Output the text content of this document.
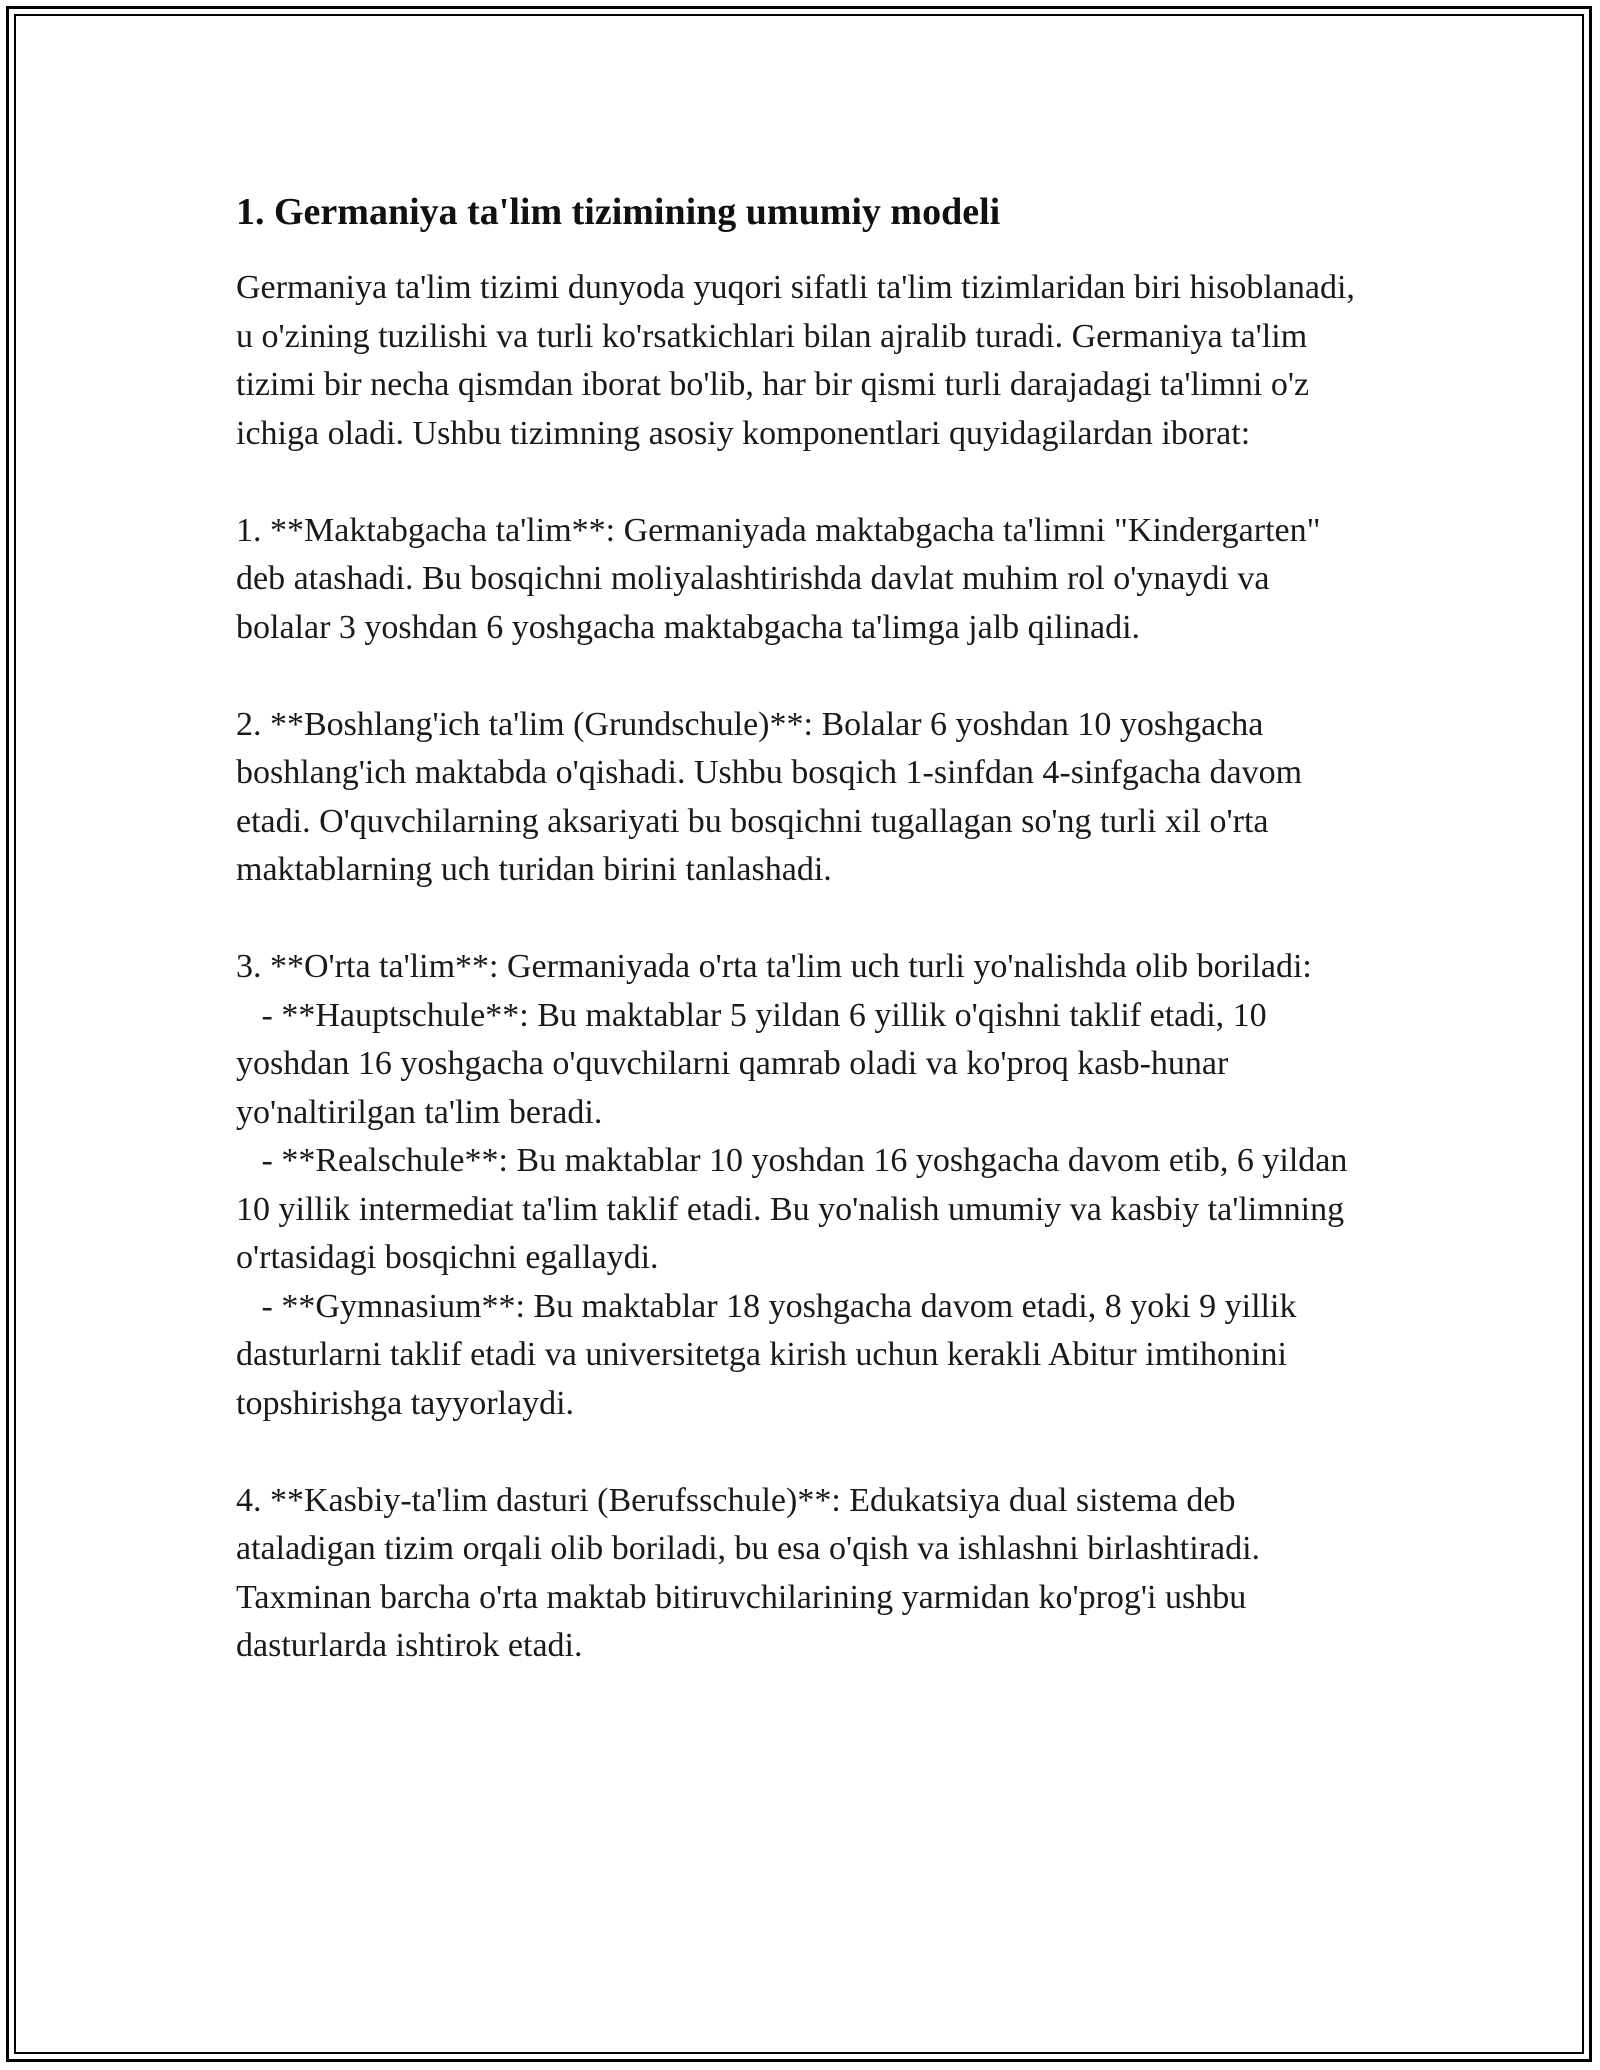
1. Germaniya ta'lim tizimining umumiy modeli

Germaniya ta'lim tizimi dunyoda yuqori sifatli ta'lim tizimlaridan biri hisoblanadi, u o'zining tuzilishi va turli ko'rsatkichlari bilan ajralib turadi. Germaniya ta'lim tizimi bir necha qismdan iborat bo'lib, har bir qismi turli darajadagi ta'limni o'z ichiga oladi. Ushbu tizimning asosiy komponentlari quyidagilardan iborat:

1. **Maktabgacha ta'lim**: Germaniyada maktabgacha ta'limni "Kindergarten" deb atashadi. Bu bosqichni moliyalashtirishda davlat muhim rol o'ynaydi va bolalar 3 yoshdan 6 yoshgacha maktabgacha ta'limga jalb qilinadi.

2. **Boshlang'ich ta'lim (Grundschule)**: Bolalar 6 yoshdan 10 yoshgacha boshlang'ich maktabda o'qishadi. Ushbu bosqich 1-sinfdan 4-sinfgacha davom etadi. O'quvchilarning aksariyati bu bosqichni tugallagan so'ng turli xil o'rta maktablarning uch turidan birini tanlashadi.

3. **O'rta ta'lim**: Germaniyada o'rta ta'lim uch turli yo'nalishda olib boriladi:
- **Hauptschule**: Bu maktablar 5 yildan 6 yillik o'qishni taklif etadi, 10 yoshdan 16 yoshgacha o'quvchilarni qamrab oladi va ko'proq kasb-hunar yo'naltirilgan ta'lim beradi.
- **Realschule**: Bu maktablar 10 yoshdan 16 yoshgacha davom etib, 6 yildan 10 yillik intermediat ta'lim taklif etadi. Bu yo'nalish umumiy va kasbiy ta'limning o'rtasidagi bosqichni egallaydi.
- **Gymnasium**: Bu maktablar 18 yoshgacha davom etadi, 8 yoki 9 yillik dasturlarni taklif etadi va universitetga kirish uchun kerakli Abitur imtihonini topshirishga tayyorlaydi.

4. **Kasbiy-ta'lim dasturi (Berufsschule)**: Edukatsiya dual sistema deb ataladigan tizim orqali olib boriladi, bu esa o'qish va ishlashni birlashtiradi. Taxminan barcha o'rta maktab bitiruvchilarining yarmidan ko'prog'i ushbu dasturlarda ishtirok etadi.
